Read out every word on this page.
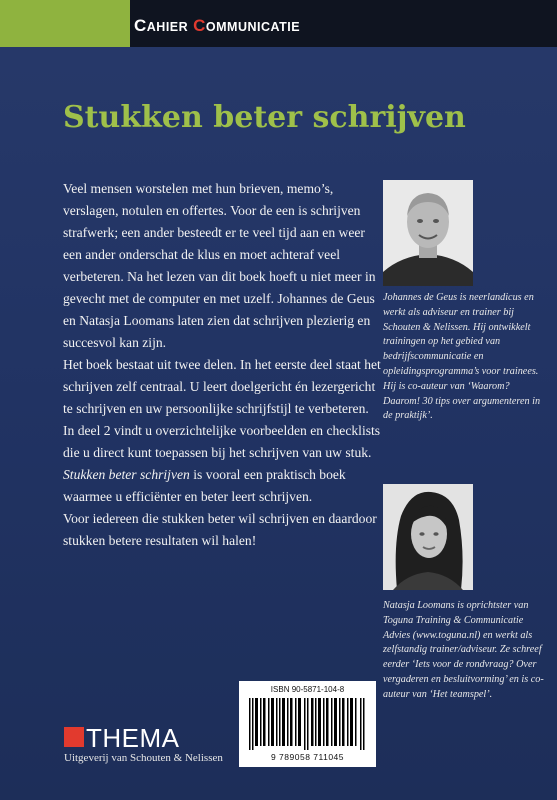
CAHIER COMMUNICATIE
Stukken beter schrijven

Veel mensen worstelen met hun brieven, memo’s, verslagen, notulen en offertes. Voor de een is schrijven strafwerk; een ander besteedt er te veel tijd aan en weer een ander onderschat de klus en moet achteraf veel verbeteren. Na het lezen van dit boek hoeft u niet meer in gevecht met de computer en met uzelf. Johannes de Geus en Natasja Loomans laten zien dat schrijven plezierig en succesvol kan zijn.

Het boek bestaat uit twee delen. In het eerste deel staat het schrijven zelf centraal. U leert doelgericht én lezergericht te schrijven en uw persoonlijke schrijfstijl te verbeteren.

In deel 2 vindt u overzichtelijke voorbeelden en checklists die u direct kunt toepassen bij het schrijven van uw stuk.

Stukken beter schrijven is vooral een praktisch boek waarmee u efficiënter en beter leert schrijven.

Voor iedereen die stukken beter wil schrijven en daardoor stukken betere resultaten wil halen!

Johannes de Geus is neerlandicus en werkt als adviseur en trainer bij Schouten & Nelissen. Hij ontwikkelt trainingen op het gebied van bedrijfscommunicatie en opleidingsprogramma’s voor trainees. Hij is co-auteur van ‘Waarom? Daarom! 30 tips over argumenteren in de praktijk’.
Natasja Loomans is oprichtster van Toguna Training & Communicatie Advies (www.toguna.nl) en werkt als zelfstandig trainer/adviseur. Ze schreef eerder ‘Iets voor de rondvraag? Over vergaderen en besluitvorming’ en is co-auteur van ‘Het teamspel’.
ISBN 90-5871-104-8
9 789058 711045
THEMA
Uitgeverij van Schouten & Nelissen
